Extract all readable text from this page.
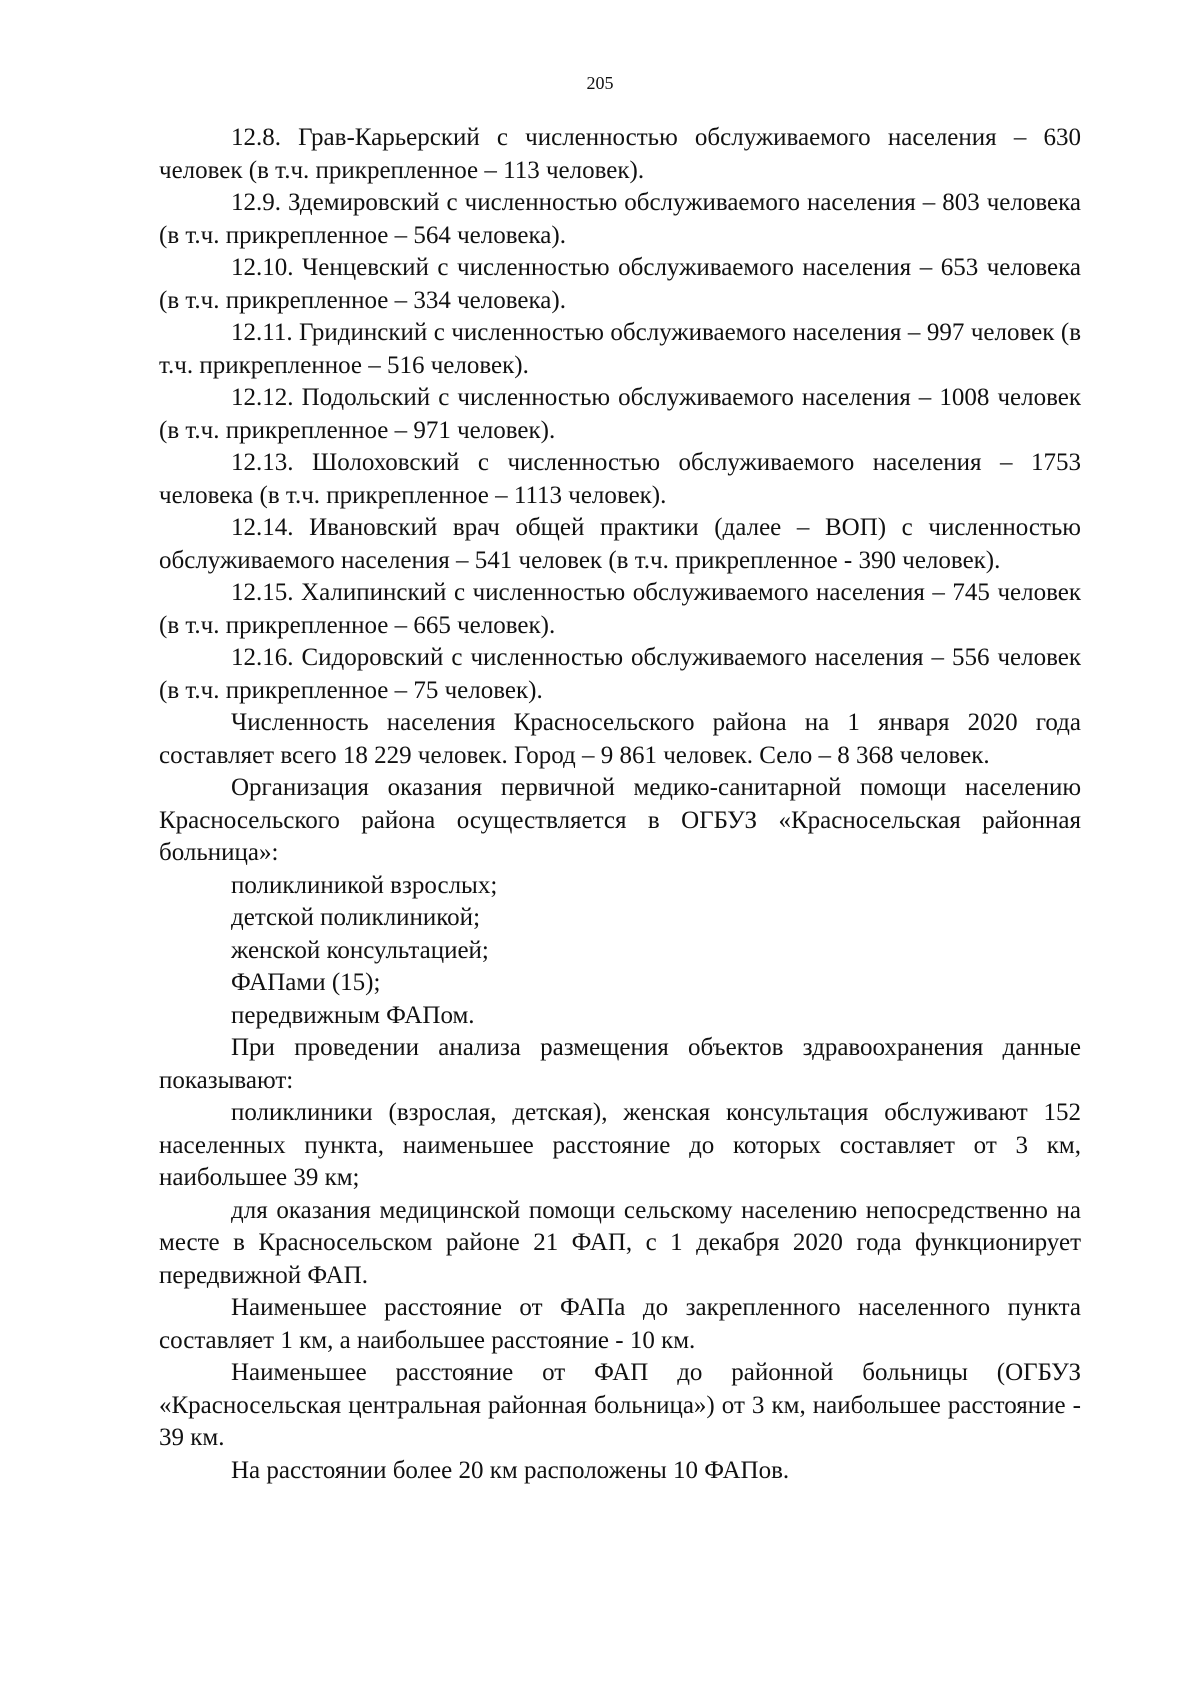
205

12.8. Грав-Карьерский с численностью обслуживаемого населения – 630 человек (в т.ч. прикрепленное – 113 человек).

12.9. Здемировский с численностью обслуживаемого населения – 803 человека (в т.ч. прикрепленное – 564 человека).

12.10. Ченцевский с численностью обслуживаемого населения – 653 человека (в т.ч. прикрепленное – 334 человека).

12.11. Гридинский с численностью обслуживаемого населения – 997 человек (в т.ч. прикрепленное – 516 человек).

12.12. Подольский с численностью обслуживаемого населения – 1008 человек (в т.ч. прикрепленное – 971 человек).

12.13. Шолоховский с численностью обслуживаемого населения – 1753 человека (в т.ч. прикрепленное – 1113 человек).

12.14. Ивановский врач общей практики (далее – ВОП) с численностью обслуживаемого населения – 541 человек (в т.ч. прикрепленное - 390 человек).

12.15. Халипинский с численностью обслуживаемого населения – 745 человек (в т.ч. прикрепленное – 665 человек).

12.16. Сидоровский с численностью обслуживаемого населения – 556 человек (в т.ч. прикрепленное – 75 человек).

Численность населения Красносельского района на 1 января 2020 года составляет всего 18 229 человек. Город – 9 861 человек. Село – 8 368 человек.

Организация оказания первичной медико-санитарной помощи населению Красносельского района осуществляется в ОГБУЗ «Красносельская районная больница»:

поликлиникой взрослых;

детской поликлиникой;

женской консультацией;

ФАПами (15);

передвижным ФАПом.

При проведении анализа размещения объектов здравоохранения данные показывают:

поликлиники (взрослая, детская), женская консультация обслуживают 152 населенных пункта, наименьшее расстояние до которых составляет от 3 км, наибольшее 39 км;

для оказания медицинской помощи сельскому населению непосредственно на месте в Красносельском районе 21 ФАП, с 1 декабря 2020 года функционирует передвижной ФАП.

Наименьшее расстояние от ФАПа до закрепленного населенного пункта составляет 1 км, а наибольшее расстояние - 10 км.

Наименьшее расстояние от ФАП до районной больницы (ОГБУЗ «Красносельская центральная районная больница») от 3 км, наибольшее расстояние - 39 км.

На расстоянии более 20 км расположены 10 ФАПов.
